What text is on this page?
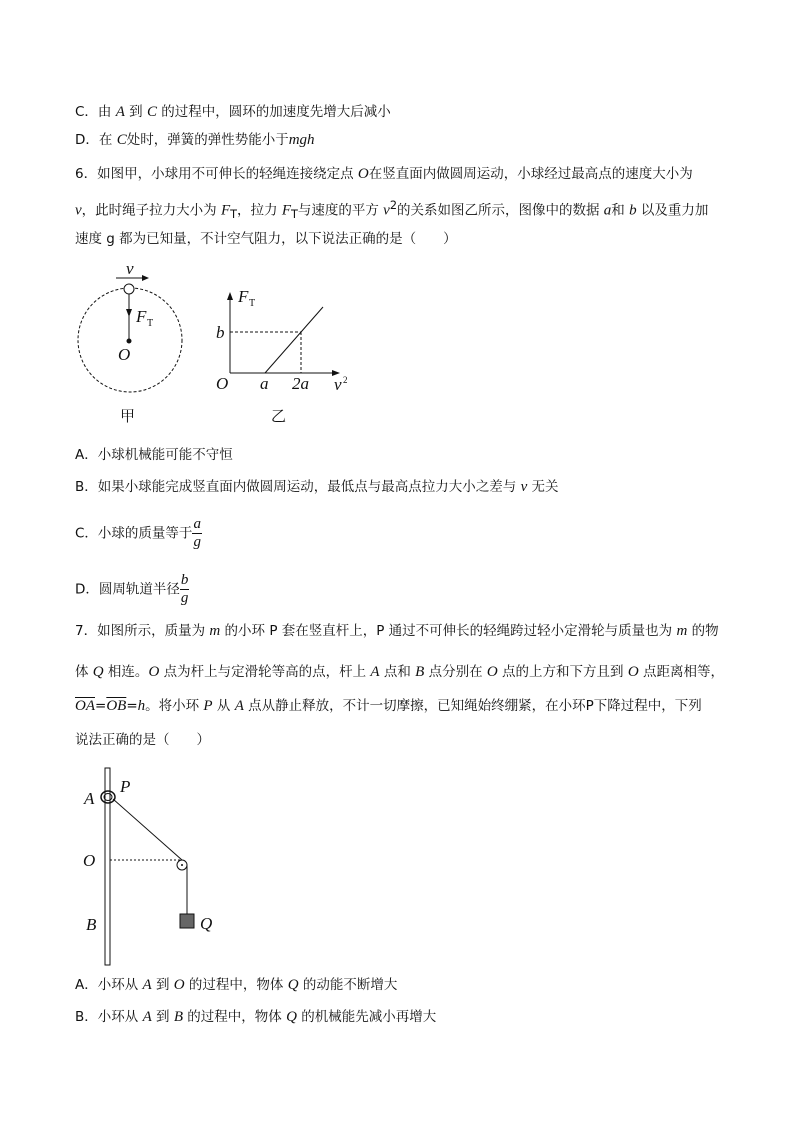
C．由 A 到 C 的过程中，圆环的加速度先增大后减小
D．在 C处时，弹簧的弹性势能小于mgh
6．如图甲，小球用不可伸长的轻绳连接绕定点 O在竖直面内做圆周运动，小球经过最高点的速度大小为
v，此时绳子拉力大小为 $F_T$，拉力 $F_T$与速度的平方 $v^2$的关系如图乙所示，图像中的数据 a和 b 以及重力加
速度 g 都为已知量，不计空气阻力，以下说法正确的是（　　）
v
F T
O
F T
b
O a 2a v 2
甲	乙
A．小球机械能可能不守恒
B．如果小球能完成竖直面内做圆周运动，最低点与最高点拉力大小之差与 v 无关
C．小球的质量等于 $\frac{a}{g}$
D．圆周轨道半径 $\frac{b}{g}$
7．如图所示，质量为 m 的小环 P 套在竖直杆上，P 通过不可伸长的轻绳跨过轻小定滑轮与质量也为 m 的物
体 Q 相连。O 点为杆上与定滑轮等高的点，杆上 A 点和 B 点分别在 O 点的上方和下方且到 O 点距离相等，
$\overline{OA}=\overline{OB}=h$。将小环 P 从 A 点从静止释放，不计一切摩擦，已知绳始终绷紧，在小环P下降过程中，下列
说法正确的是（　　）
A
P
O
B	Q
A．小环从 A 到 O 的过程中，物体 Q 的动能不断增大
B．小环从 A 到 B 的过程中，物体 Q 的机械能先减小再增大
